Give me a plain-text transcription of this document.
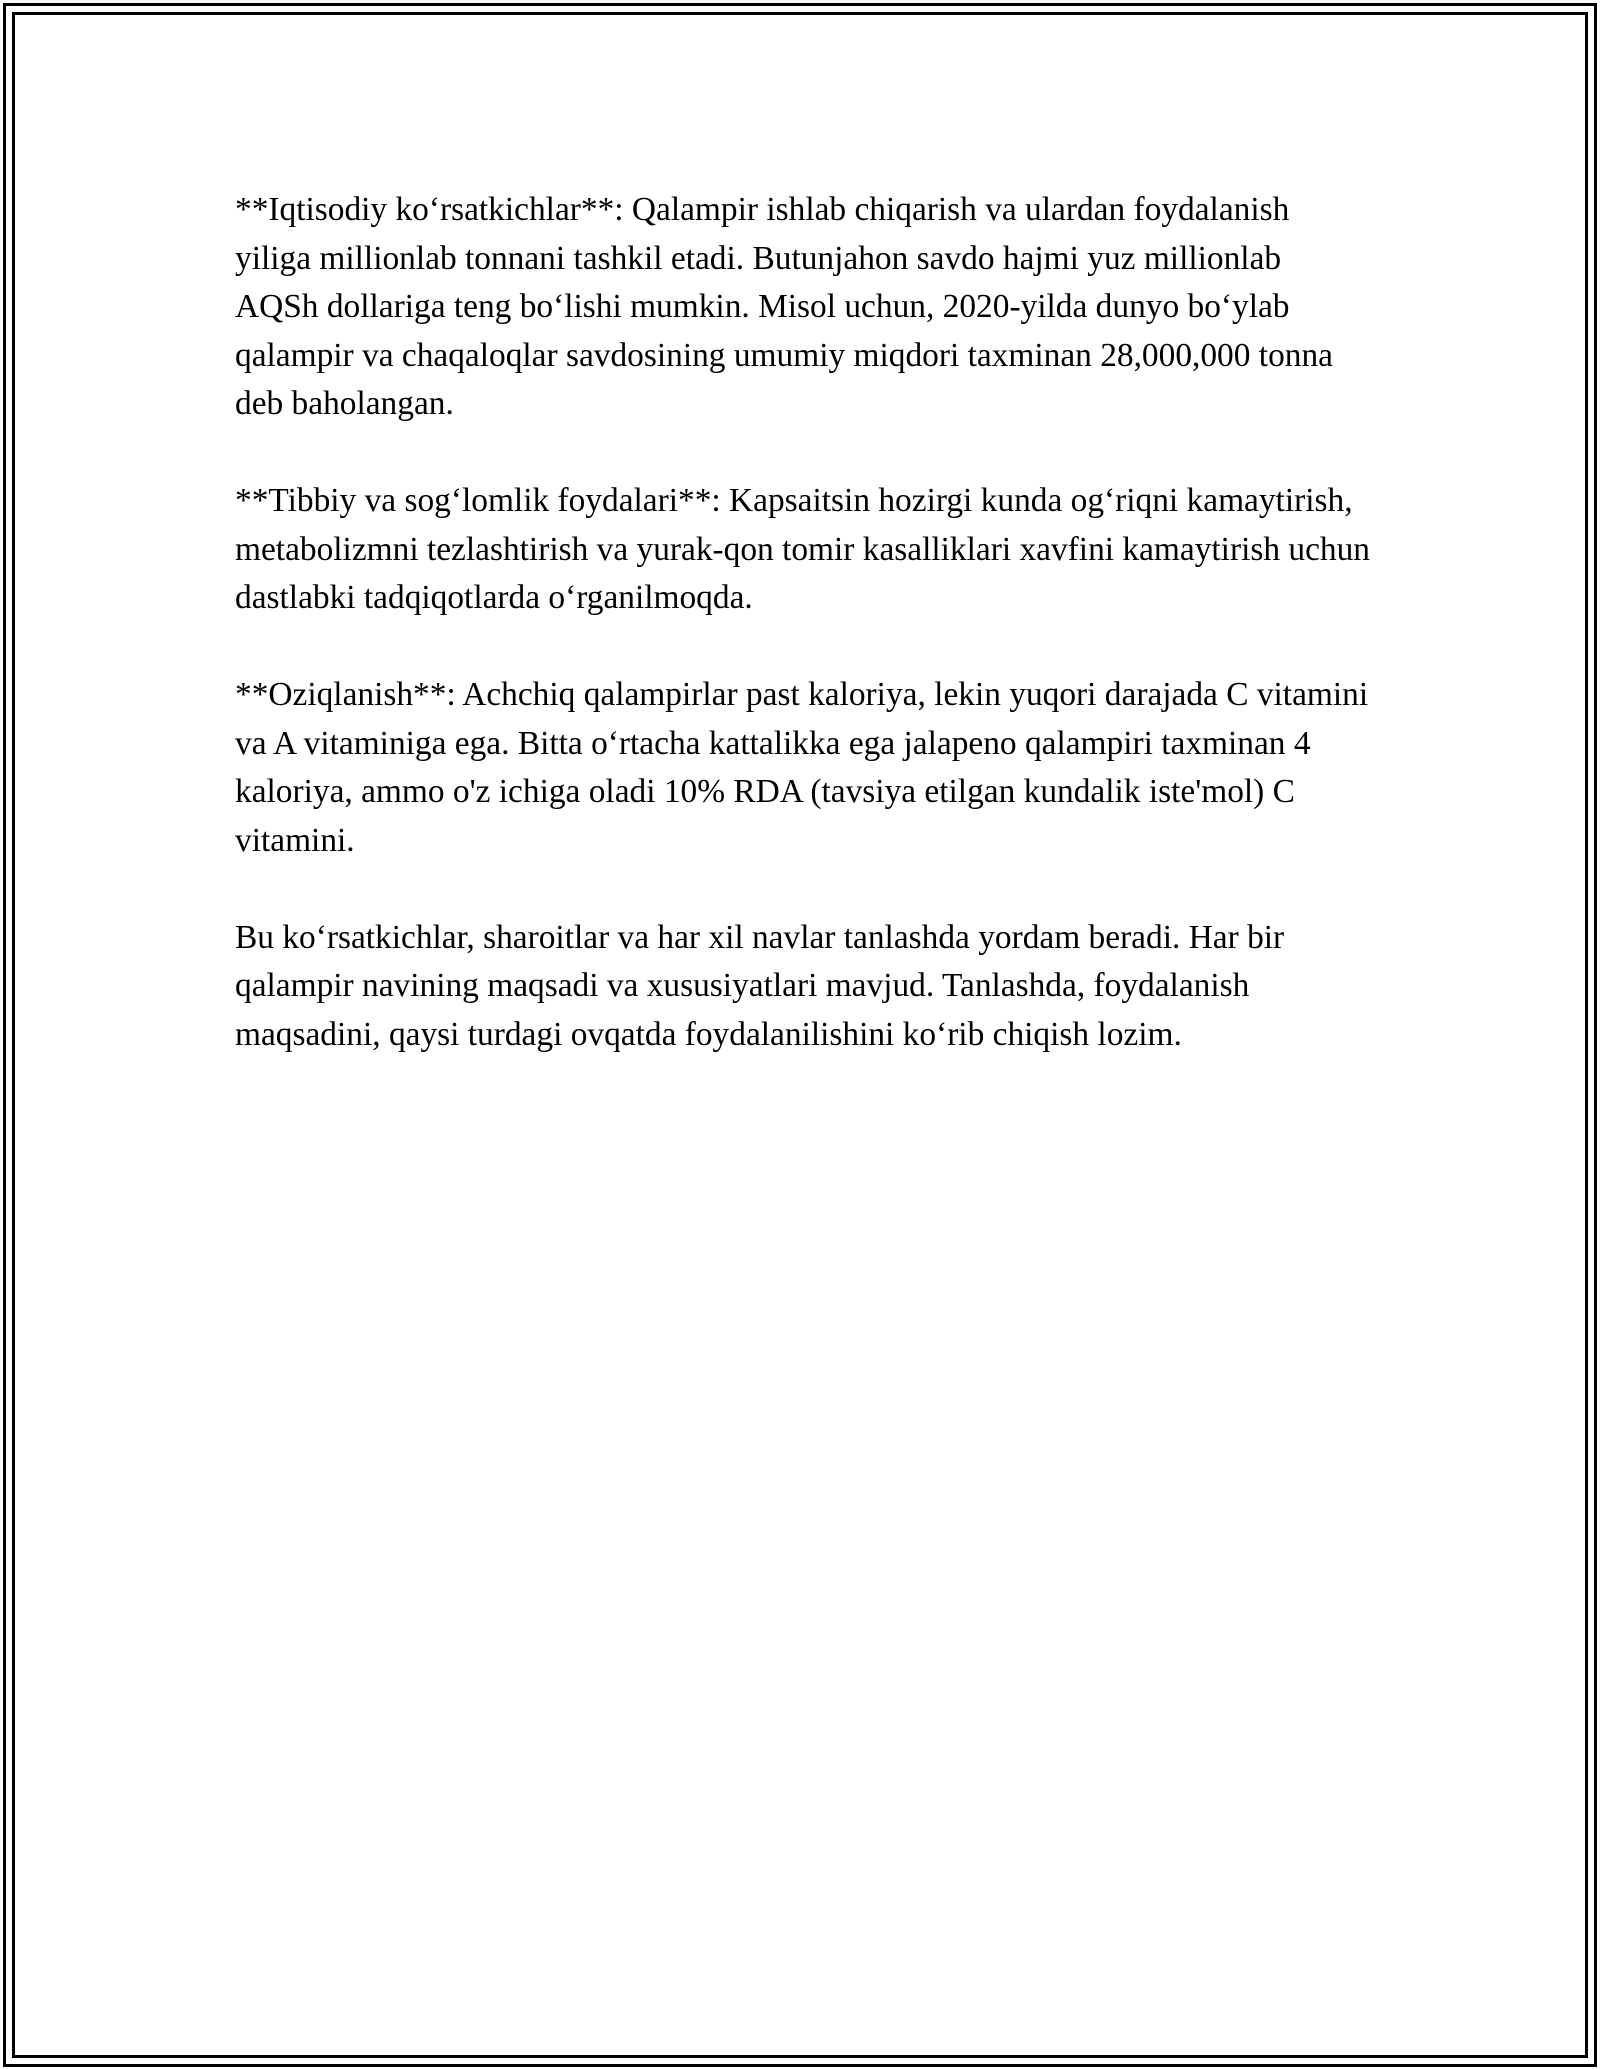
**Iqtisodiy ko‘rsatkichlar**: Qalampir ishlab chiqarish va ulardan foydalanish yiliga millionlab tonnani tashkil etadi. Butunjahon savdo hajmi yuz millionlab AQSh dollariga teng bo‘lishi mumkin. Misol uchun, 2020-yilda dunyo bo‘ylab qalampir va chaqaloqlar savdosining umumiy miqdori taxminan 28,000,000 tonna deb baholangan.

**Tibbiy va sog‘lomlik foydalari**: Kapsaitsin hozirgi kunda og‘riqni kamaytirish, metabolizmni tezlashtirish va yurak-qon tomir kasalliklari xavfini kamaytirish uchun dastlabki tadqiqotlarda o‘rganilmoqda.

**Oziqlanish**: Achchiq qalampirlar past kaloriya, lekin yuqori darajada C vitamini va A vitaminiga ega. Bitta o‘rtacha kattalikka ega jalapeno qalampiri taxminan 4 kaloriya, ammo o'z ichiga oladi 10% RDA (tavsiya etilgan kundalik iste'mol) C vitamini.

Bu ko‘rsatkichlar, sharoitlar va har xil navlar tanlashda yordam beradi. Har bir qalampir navining maqsadi va xususiyatlari mavjud. Tanlashda, foydalanish maqsadini, qaysi turdagi ovqatda foydalanilishini ko‘rib chiqish lozim.
